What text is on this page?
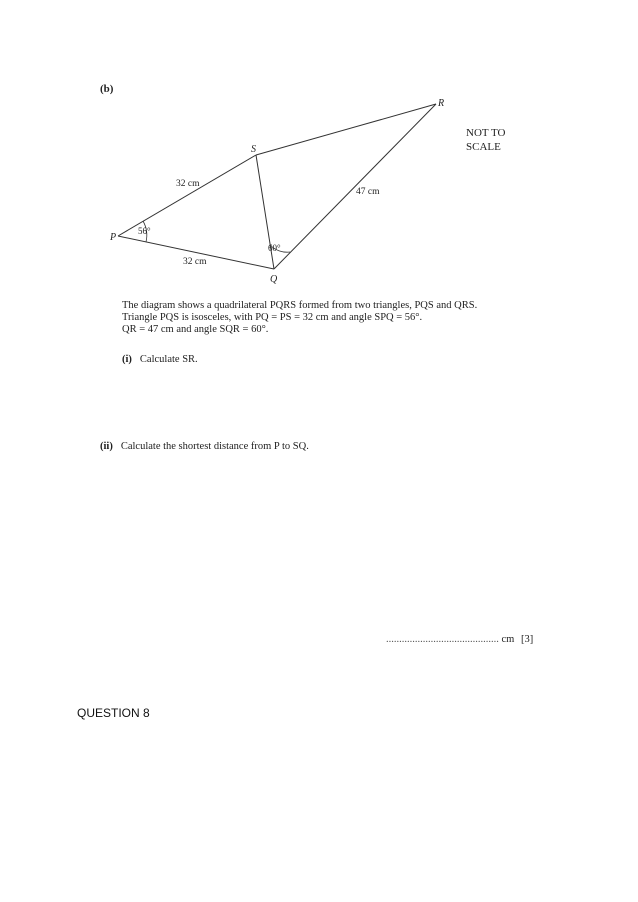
(b)
NOT TO
SCALE
P
Q
R
S
32 cm
32 cm
47 cm
56°
60°

The diagram shows a quadrilateral PQRS formed from two triangles, PQS and QRS.

Triangle PQS is isosceles, with PQ = PS = 32 cm and angle SPQ = 56°.

QR = 47 cm and angle SQR = 60°.

(i) Calculate SR.
(ii) Calculate the shortest distance from P to SQ.
........................................... cm [3]
QUESTION 8
